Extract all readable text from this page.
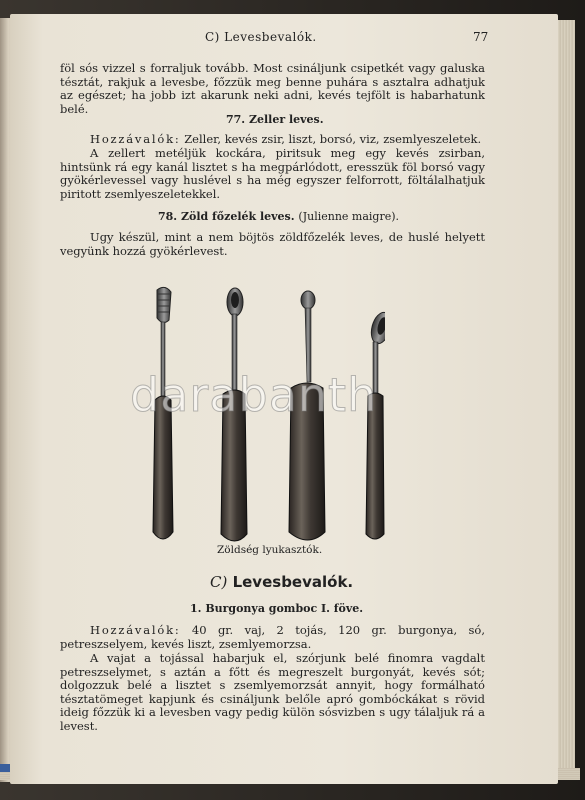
C) Levesbevalók.	77
föl sós vizzel s forraljuk tovább. Most csináljunk csipetkét vagy galuska tésztát, rakjuk a levesbe, főzzük meg benne puhára s asztalra adhatjuk az egészet; ha jobb izt akarunk neki adni, kevés tejfölt is habarhatunk belé.
77. Zeller leves.
Hozzávalók: Zeller, kevés zsir, liszt, borsó, viz, zsemlyeszeletek.
A zellert metéljük kockára, piritsuk meg egy kevés zsirban, hintsünk rá egy kanál lisztet s ha megpárlódott, eresszük föl borsó vagy gyökérlevessel vagy huslével s ha még egyszer felforrott, föltálalhatjuk piritott zsemlyeszeletekkel.
78. Zöld főzelék leves. (Julienne maigre).
Ugy készül, mint a nem böjtös zöldfőzelék leves, de huslé helyett vegyünk hozzá gyökérlevest.
darabanth
Zöldség lyukasztók.
C) Levesbevalók.
1. Burgonya gomboc I. föve.
Hozzávalók: 40 gr. vaj, 2 tojás, 120 gr. burgonya, só, petreszselyem, kevés liszt, zsemlyemorzsa.
A vajat a tojással habarjuk el, szórjunk belé finomra vagdalt petreszselymet, s aztán a főtt és megreszelt burgonyát, kevés sót; dolgozzuk belé a lisztet s zsemlyemorzsát annyit, hogy formálható tésztatömeget kapjunk és csináljunk belőle apró gombóckákat s rövid ideig főzzük ki a levesben vagy pedig külön sósvizben s ugy tálaljuk rá a levest.
